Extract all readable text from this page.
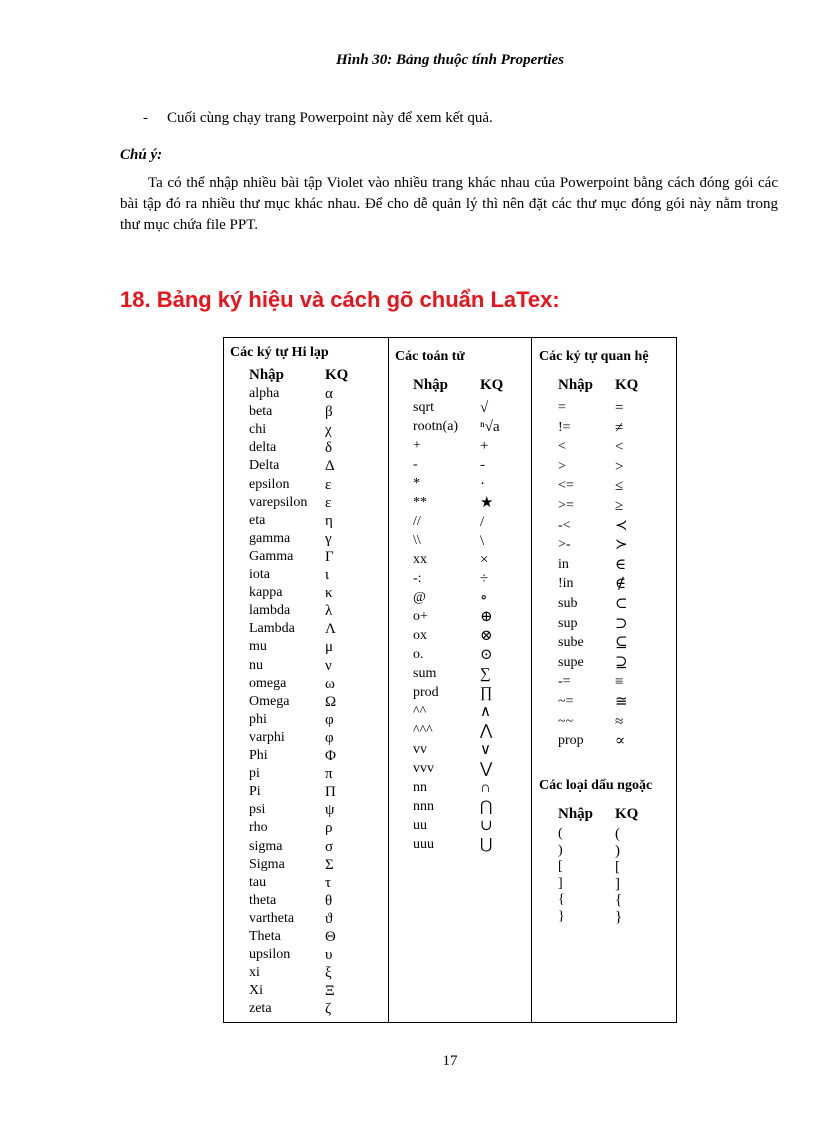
Hình 30: Bảng thuộc tính Properties
- Cuối cùng chạy trang Powerpoint này để xem kết quả.
Chú ý:
Ta có thể nhập nhiều bài tập Violet vào nhiều trang khác nhau của Powerpoint bằng cách đóng gói các bài tập đó ra nhiều thư mục khác nhau. Để cho dễ quản lý thì nên đặt các thư mục đóng gói này nằm trong thư mục chứa file PPT.
18. Bảng ký hiệu và cách gõ chuẩn LaTex:
Các ký tự Hi lạp	Các toán tử	Các ký tự quan hệ
Các loại dấu ngoặc
Nhập	KQ
alpha	α
beta	β
chi	χ
delta	δ
Delta	Δ
epsilon ε
varepsilon ε
eta	η
gamma γ
Gamma Γ
iota	ι
kappa	κ
lambda λ
Lambda Λ
mu	μ
nu	ν
omega	ω
Omega Ω
phi	φ
varphi	φ
Phi	Φ
pi	π
Pi	Π
psi	ψ
rho	ρ
sigma	σ
Sigma	Σ
tau	τ
theta	θ
vartheta ϑ
Theta	Θ
upsilon υ
xi	ξ
Xi	Ξ
zeta	ζ
Nhập KQ
sqrt	√
rootn(a) ⁿ√a
+	+
-	-
*	·
**	★
//	/
\\	\
xx	×
-:	÷
@	∘
o+	⊕
ox	⊗
o.	⊙
sum	∑
prod	∏
^^	∧
^^^	⋀
vv	∨
vvv	⋁
nn	∩
nnn	⋂
uu	∪
uuu	⋃
Nhập KQ
=	=
!=	≠
<	<
>	>
<=	≤
>=	≥
-<	≺
>-	≻
in	∈
!in	∉
sub	⊂
sup	⊃
sube ⊆
supe ⊇
-=	≡
~=	≅
~~	≈
prop ∝
Nhập KQ
(	(
)	)
[	[
]	]
{	{
}	}
17
